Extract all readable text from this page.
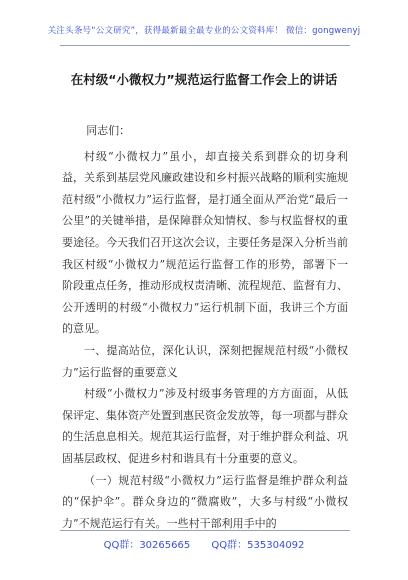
关注头条号“公文研究”，获得最新最全最专业的公文资料库！ 微信：gongwenyj
在村级“小微权力”规范运行监督工作会上的讲话

同志们：

村级“小微权力”虽小，却直接关系到群众的切身利益，关系到基层党风廉政建设和乡村振兴战略的顺利实施规范村级“小微权力”运行监督，是打通全面从严治党“最后一公里”的关键举措，是保障群众知情权、参与权监督权的重要途径。今天我们召开这次会议，主要任务是深入分析当前我区村级“小微权力”规范运行监督工作的形势，部署下一阶段重点任务，推动形成权责清晰、流程规范、监督有力、公开透明的村级“小微权力”运行机制下面，我讲三个方面的意见。

一、提高站位，深化认识，深刻把握规范村级“小微权力”运行监督的重要意义

村级“小微权力”涉及村级事务管理的方方面面，从低保评定、集体资产处置到惠民资金发放等，每一项都与群众的生活息息相关。规范其运行监督，对于维护群众利益、巩固基层政权、促进乡村和谐具有十分重要的意义。

（一）规范村级“小微权力”运行监督是维护群众利益的“保护伞”。群众身边的“微腐败”，大多与村级“小微权力”不规范运行有关。一些村干部利用手中的

QQ群：30265665 QQ群：535304092
